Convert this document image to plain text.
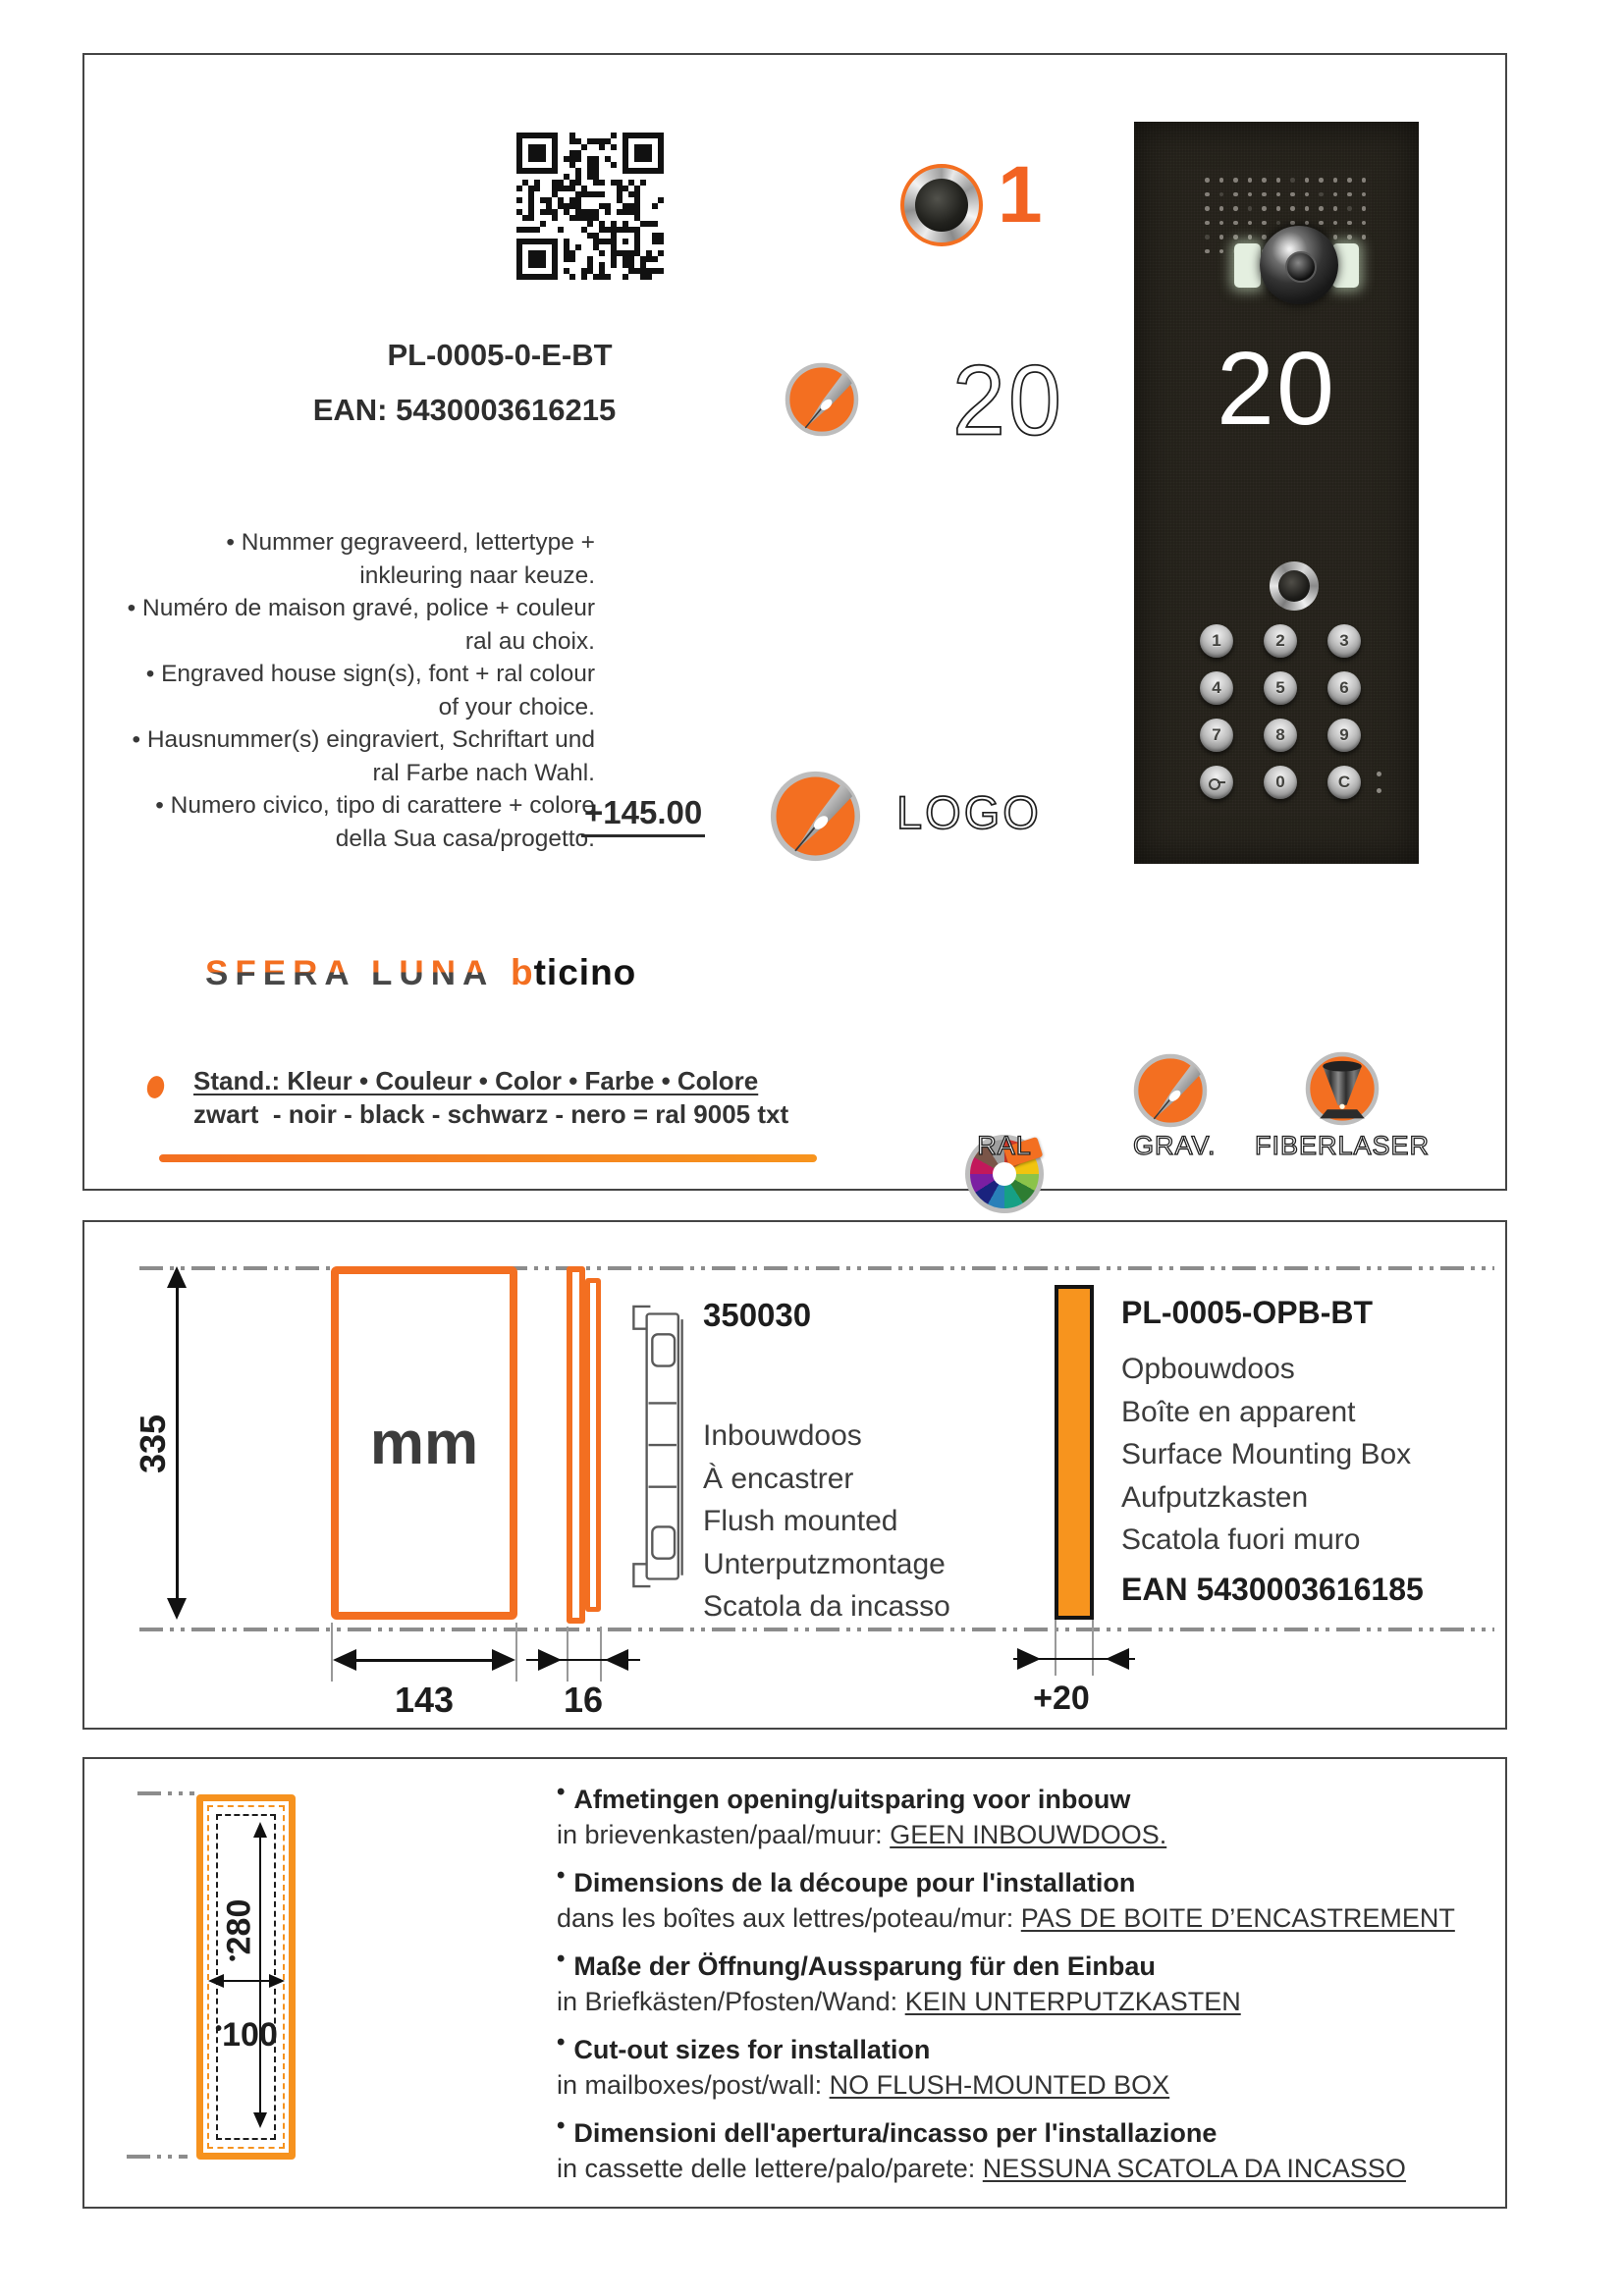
PL-0005-0-E-BT
EAN: 5430003616215
1
20
• Nummer gegraveerd, lettertype + inkleuring naar keuze.
• Numéro de maison gravé, police + couleur ral au choix.
• Engraved house sign(s), font + ral colour of your choice.
• Hausnummer(s) eingraviert, Schriftart und ral Farbe nach Wahl.
• Numero civico, tipo di carattere + colore della Sua casa/progetto.
+145.00	LOGO
SFERA LUNA bticino
Stand.: Kleur • Couleur • Color • Farbe • Colore
zwart  - noir - black - schwarz - nero = ral 9005 txt
RAL	GRAV.	FIBERLASER
20
1	2	3
4	5	6
7	8	9
0	C
335	mm
143	16
350030
Inbouwdoos
À encastrer
Flush mounted
Unterputzmontage
Scatola da incasso
+20
PL-0005-OPB-BT
Opbouwdoos
Boîte en apparent
Surface Mounting Box
Aufputzkasten
Scatola fuori muro
EAN 5430003616185
•280
•100
• Afmetingen opening/uitsparing voor inbouw
in brievenkasten/paal/muur: GEEN INBOUWDOOS.
• Dimensions de la découpe pour l'installation
dans les boîtes aux lettres/poteau/mur: PAS DE BOITE D’ENCASTREMENT
• Maße der Öffnung/Aussparung für den Einbau
in Briefkästen/Pfosten/Wand: KEIN UNTERPUTZKASTEN
• Cut-out sizes for installation
in mailboxes/post/wall: NO FLUSH-MOUNTED BOX
• Dimensioni dell'apertura/incasso per l'installazione
in cassette delle lettere/palo/parete: NESSUNA SCATOLA DA INCASSO
